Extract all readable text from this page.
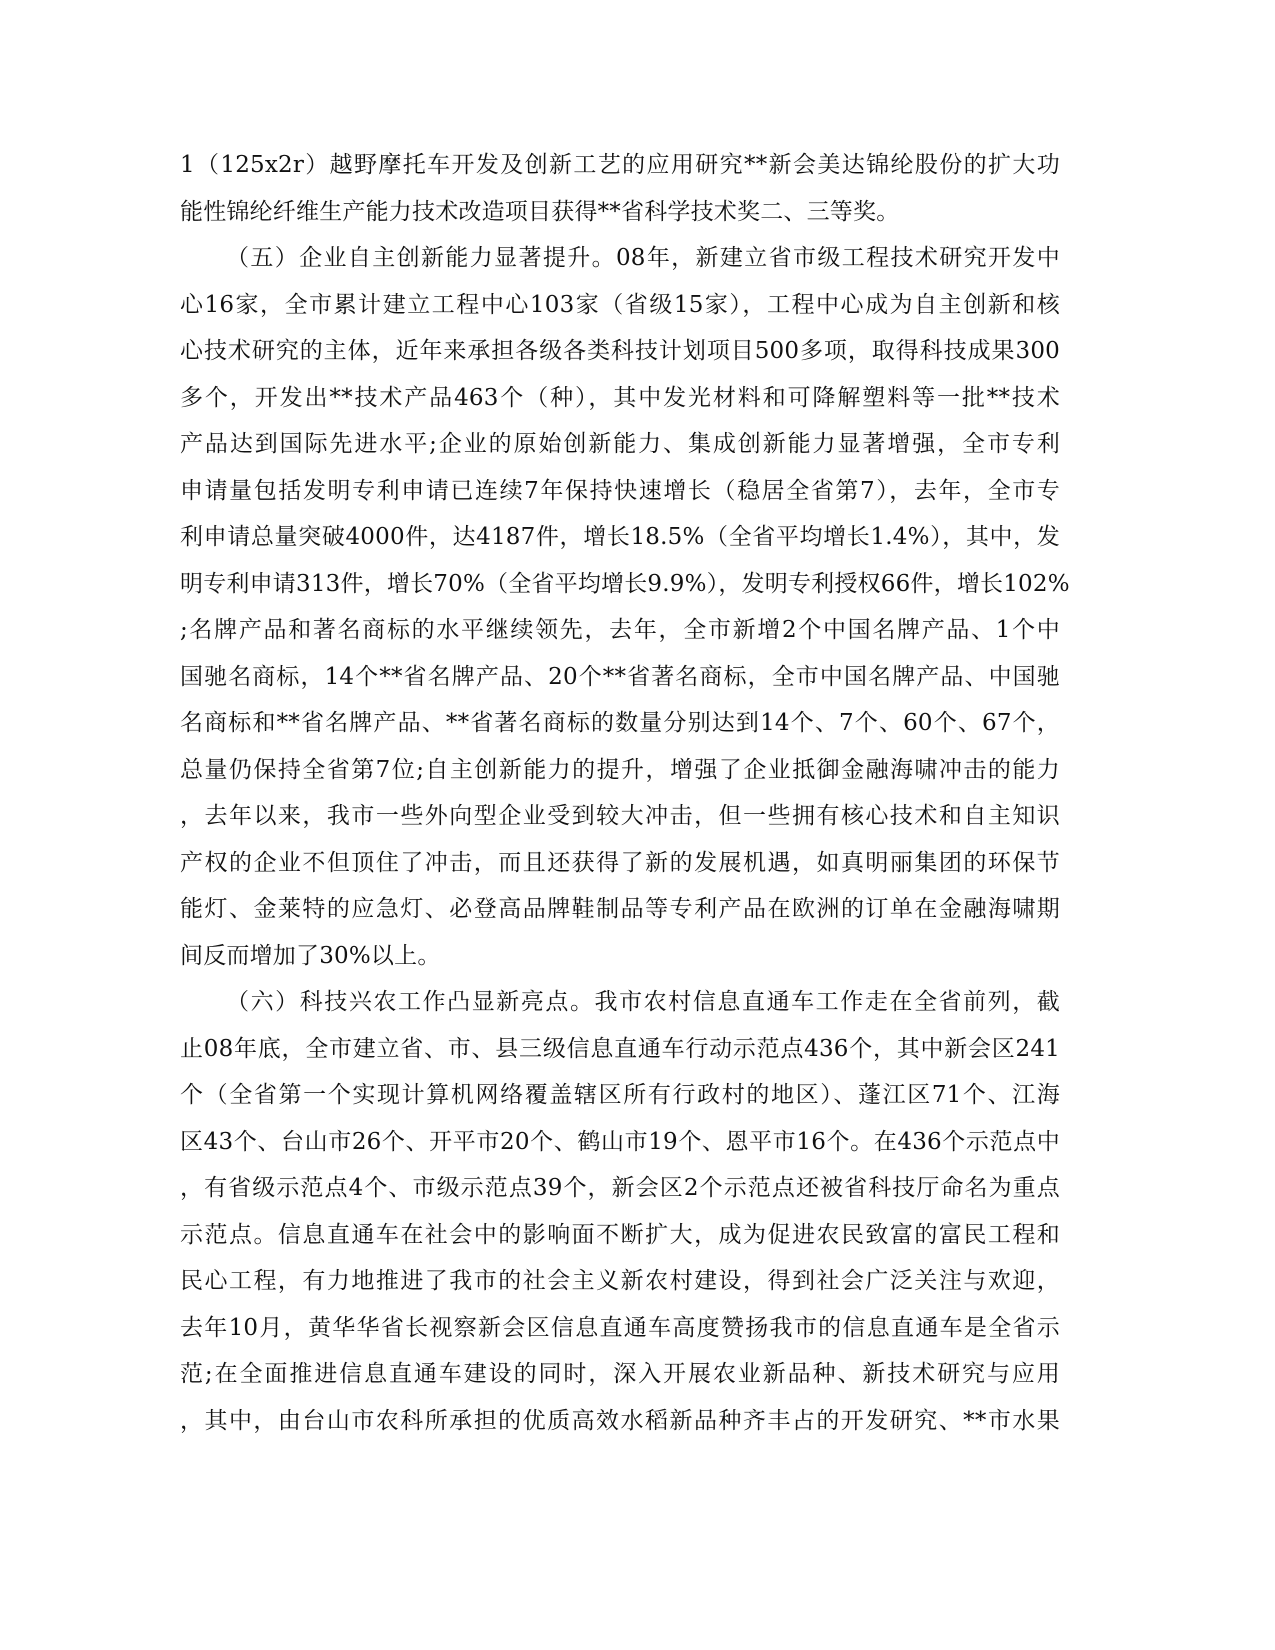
1（125x2r）越野摩托车开发及创新工艺的应用研究**新会美达锦纶股份的扩大功
能性锦纶纤维生产能力技术改造项目获得**省科学技术奖二、三等奖。
（五）企业自主创新能力显著提升。08年，新建立省市级工程技术研究开发中
心16家，全市累计建立工程中心103家（省级15家），工程中心成为自主创新和核
心技术研究的主体，近年来承担各级各类科技计划项目500多项，取得科技成果300
多个，开发出**技术产品463个（种），其中发光材料和可降解塑料等一批**技术
产品达到国际先进水平;企业的原始创新能力、集成创新能力显著增强，全市专利
申请量包括发明专利申请已连续7年保持快速增长（稳居全省第7），去年，全市专
利申请总量突破4000件，达4187件，增长18.5%（全省平均增长1.4%），其中，发
明专利申请313件，增长70%（全省平均增长9.9%），发明专利授权66件，增长102%
;名牌产品和著名商标的水平继续领先，去年，全市新增2个中国名牌产品、1个中
国驰名商标，14个**省名牌产品、20个**省著名商标，全市中国名牌产品、中国驰
名商标和**省名牌产品、**省著名商标的数量分别达到14个、7个、60个、67个，
总量仍保持全省第7位;自主创新能力的提升，增强了企业抵御金融海啸冲击的能力
，去年以来，我市一些外向型企业受到较大冲击，但一些拥有核心技术和自主知识
产权的企业不但顶住了冲击，而且还获得了新的发展机遇，如真明丽集团的环保节
能灯、金莱特的应急灯、必登高品牌鞋制品等专利产品在欧洲的订单在金融海啸期
间反而增加了30%以上。
（六）科技兴农工作凸显新亮点。我市农村信息直通车工作走在全省前列，截
止08年底，全市建立省、市、县三级信息直通车行动示范点436个，其中新会区241
个（全省第一个实现计算机网络覆盖辖区所有行政村的地区）、蓬江区71个、江海
区43个、台山市26个、开平市20个、鹤山市19个、恩平市16个。在436个示范点中
，有省级示范点4个、市级示范点39个，新会区2个示范点还被省科技厅命名为重点
示范点。信息直通车在社会中的影响面不断扩大，成为促进农民致富的富民工程和
民心工程，有力地推进了我市的社会主义新农村建设，得到社会广泛关注与欢迎，
去年10月，黄华华省长视察新会区信息直通车高度赞扬我市的信息直通车是全省示
范;在全面推进信息直通车建设的同时，深入开展农业新品种、新技术研究与应用
，其中，由台山市农科所承担的优质高效水稻新品种齐丰占的开发研究、**市水果
